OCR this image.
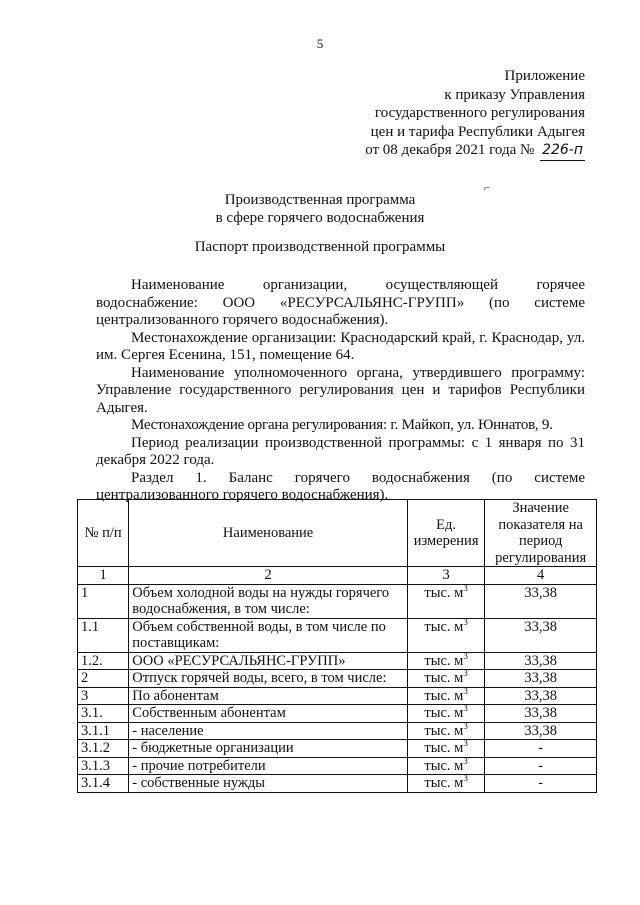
5
Приложение
к приказу Управления
государственного регулирования
цен и тарифа Республики Адыгея
от 08 декабря 2021 года № 226-п
⌐
Производственная программа
в сфере горячего водоснабжения
Паспорт производственной программы

Наименование организации, осуществляющей горячее водоснабжение: ООО «РЕСУРСАЛЬЯНС-ГРУПП» (по системе централизованного горячего водоснабжения).

Местонахождение организации: Краснодарский край, г. Краснодар, ул. им. Сергея Есенина, 151, помещение 64.

Наименование уполномоченного органа, утвердившего программу: Управление государственного регулирования цен и тарифов Республики Адыгея.

Местонахождение органа регулирования: г. Майкоп, ул. Юннатов, 9.

Период реализации производственной программы: с 1 января по 31 декабря 2022 года.

Раздел 1. Баланс горячего водоснабжения (по системе централизованного горячего водоснабжения).

№ п/п	Наименование	Ед. измерения	Значение показателя на период регулирования
1	2	3	4
1	Объем холодной воды на нужды горячего водоснабжения, в том числе:	тыс. $м^3$	33,38
1.1	Объем собственной воды, в том числе по поставщикам:	тыс. $м^3$	33,38
1.2.	ООО «РЕСУРСАЛЬЯНС-ГРУПП»	тыс. $м^3$	33,38
2	Отпуск горячей воды, всего, в том числе:	тыс. $м^3$	33,38
3	По абонентам	тыс. $м^3$	33,38
3.1.	Собственным абонентам	тыс. $м^3$	33,38
3.1.1	- население	тыс. $м^3$	33,38
3.1.2	- бюджетные организации	тыс. $м^3$	-
3.1.3	- прочие потребители	тыс. $м^3$	-
3.1.4	- собственные нужды	тыс. $м^3$	-
